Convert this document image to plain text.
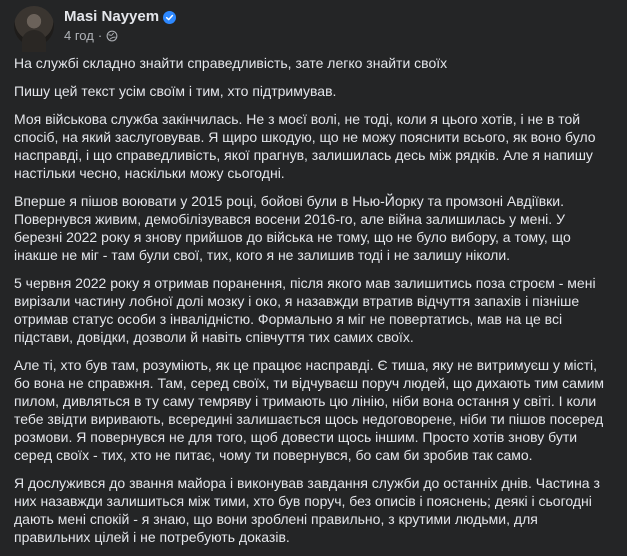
Masi Nayyem
4 год ·

На службі складно знайти справедливість, зате легко знайти своїх

Пишу цей текст усім своїм і тим, хто підтримував.

Моя військова служба закінчилась. Не з моєї волі, не тоді, коли я цього хотів, і не в той спосіб, на який заслуговував. Я щиро шкодую, що не можу пояснити всього, як воно було насправді, і що справедливість, якої прагнув, залишилась десь між рядків. Але я напишу настільки чесно, наскільки можу сьогодні.

Вперше я пішов воювати у 2015 році, бойові були в Нью-Йорку та промзоні Авдіївки. Повернувся живим, демобілізувався восени 2016-го, але війна залишилась у мені. У березні 2022 року я знову прийшов до війська не тому, що не було вибору, а тому, що інакше не міг - там були свої, тих, кого я не залишив тоді і не залишу ніколи.

5 червня 2022 року я отримав поранення, після якого мав залишитись поза строєм - мені вирізали частину лобної долі мозку і око, я назавжди втратив відчуття запахів і пізніше отримав статус особи з інвалідністю. Формально я міг не повертатись, мав на це всі підстави, довідки, дозволи й навіть співчуття тих самих своїх.

Але ті, хто був там, розуміють, як це працює насправді. Є тиша, яку не витримуєш у місті, бо вона не справжня. Там, серед своїх, ти відчуваєш поруч людей, що дихають тим самим пилом, дивляться в ту саму темряву і тримають цю лінію, ніби вона остання у світі. І коли тебе звідти виривають, всередині залишається щось недоговорене, ніби ти пішов посеред розмови. Я повернувся не для того, щоб довести щось іншим. Просто хотів знову бути серед своїх - тих, хто не питає, чому ти повернувся, бо сам би зробив так само.

Я дослужився до звання майора і виконував завдання служби до останніх днів. Частина з них назавжди залишиться між тими, хто був поруч, без описів і пояснень; деякі і сьогодні дають мені спокій - я знаю, що вони зроблені правильно, з крутими людьми, для правильних цілей і не потребують доказів.
